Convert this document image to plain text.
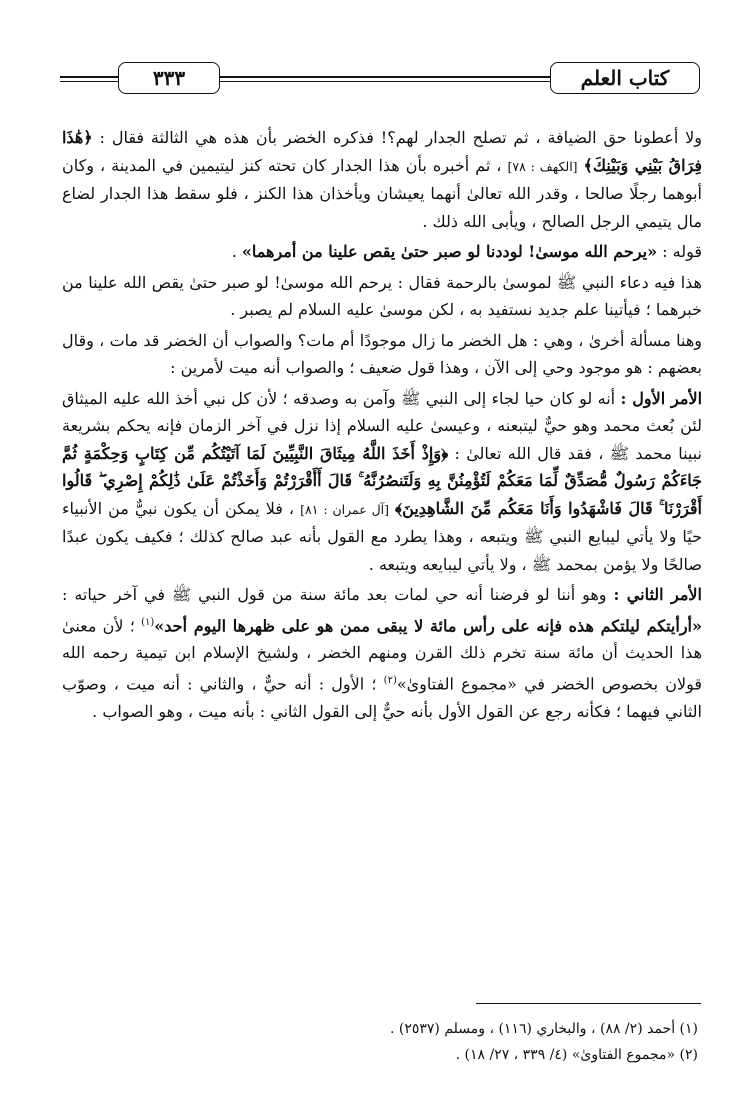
كتاب العلم
٣٣٣

ولا أعطونا حق الضيافة ، ثم تصلح الجدار لهم؟! فذكره الخضر بأن هذه هي الثالثة فقال : ﴿هَٰذَا فِرَاقُ بَيْنِي وَبَيْنِكَ﴾ [الكهف : ٧٨] ، ثم أخبره بأن هذا الجدار كان تحته كنز ليتيمين في المدينة ، وكان أبوهما رجلًا صالحا ، وقدر الله تعالىٰ أنهما يعيشان ويأخذان هذا الكنز ، فلو سقط هذا الجدار لضاع مال يتيمي الرجل الصالح ، ويأبى الله ذلك .

قوله : «يرحم الله موسىٰ! لوددنا لو صبر حتىٰ يقص علينا من أمرهما» .

هذا فيه دعاء النبي ﷺ لموسىٰ بالرحمة فقال : يرحم الله موسىٰ! لو صبر حتىٰ يقص الله علينا من خبرهما ؛ فيأتينا علم جديد نستفيد به ، لكن موسىٰ عليه السلام لم يصبر .

وهنا مسألة أخرىٰ ، وهي : هل الخضر ما زال موجودًا أم مات؟ والصواب أن الخضر قد مات ، وقال بعضهم : هو موجود وحي إلى الآن ، وهذا قول ضعيف ؛ والصواب أنه ميت لأمرين :

الأمر الأول : أنه لو كان حيا لجاء إلى النبي ﷺ وآمن به وصدقه ؛ لأن كل نبي أخذ الله عليه الميثاق لئن بُعث محمد وهو حيٌّ ليتبعنه ، وعيسىٰ عليه السلام إذا نزل في آخر الزمان فإنه يحكم بشريعة نبينا محمد ﷺ ، فقد قال الله تعالىٰ : ﴿وَإِذْ أَخَذَ اللَّهُ مِيثَاقَ النَّبِيِّينَ لَمَا آتَيْتُكُم مِّن كِتَابٍ وَحِكْمَةٍ ثُمَّ جَاءَكُمْ رَسُولٌ مُّصَدِّقٌ لِّمَا مَعَكُمْ لَتُؤْمِنُنَّ بِهِ وَلَتَنصُرُنَّهُ ۚ قَالَ أَأَقْرَرْتُمْ وَأَخَذْتُمْ عَلَىٰ ذَٰلِكُمْ إِصْرِي ۖ قَالُوا أَقْرَرْنَا ۚ قَالَ فَاشْهَدُوا وَأَنَا مَعَكُم مِّنَ الشَّاهِدِينَ﴾ [آل عمران : ٨١] ، فلا يمكن أن يكون نبيٌّ من الأنبياء حيًا ولا يأتي ليبايع النبي ﷺ ويتبعه ، وهذا يطرد مع القول بأنه عبد صالح كذلك ؛ فكيف يكون عبدًا صالحًا ولا يؤمن بمحمد ﷺ ، ولا يأتي ليبايعه ويتبعه .

الأمر الثاني : وهو أننا لو فرضنا أنه حي لمات بعد مائة سنة من قول النبي ﷺ في آخر حياته : «أرأيتكم ليلتكم هذه فإنه على رأس مائة لا يبقى ممن هو على ظهرها اليوم أحد»$^{(١)}$ ؛ لأن معنىٰ هذا الحديث أن مائة سنة تخرم ذلك القرن ومنهم الخضر ، ولشيخ الإسلام ابن تيمية رحمه الله قولان بخصوص الخضر في «مجموع الفتاوىٰ»$^{(٢)}$ ؛ الأول : أنه حيٌّ ، والثاني : أنه ميت ، وصوّب الثاني فيهما ؛ فكأنه رجع عن القول الأول بأنه حيٌّ إلى القول الثاني : بأنه ميت ، وهو الصواب .

(١) أحمد (٢/ ٨٨) ، والبخاري (١١٦) ، ومسلم (٢٥٣٧) .
(٢) «مجموع الفتاوىٰ» (٤/ ٣٣٩ ، ٢٧/ ١٨) .
